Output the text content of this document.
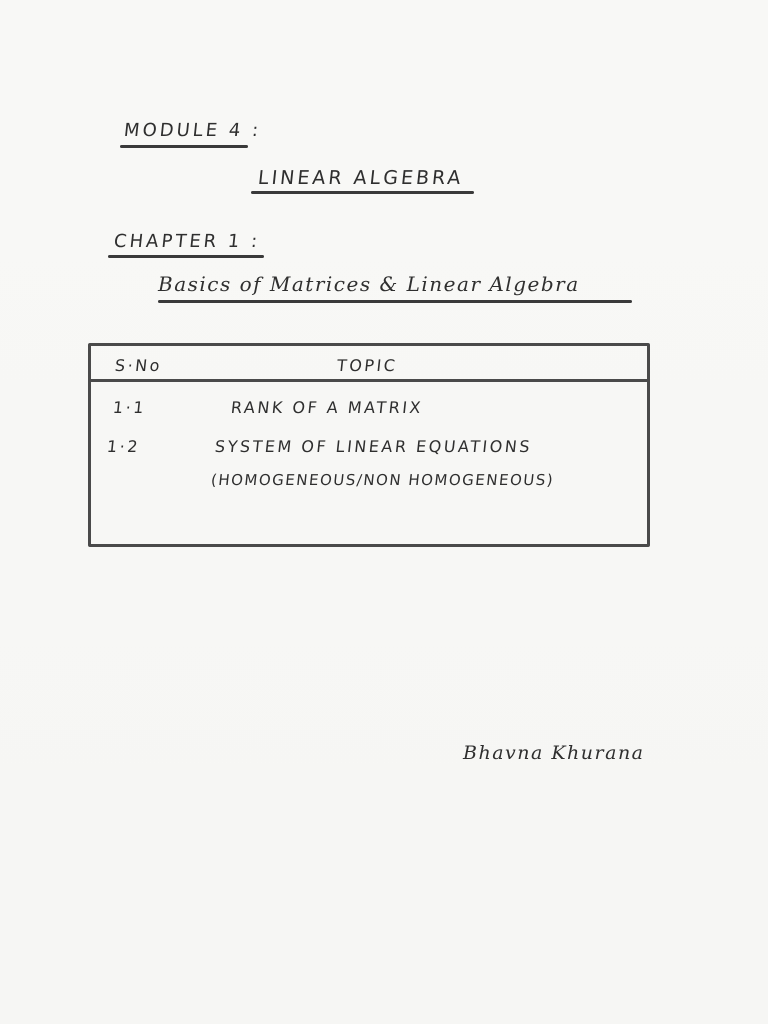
MODULE 4 :
LINEAR ALGEBRA
CHAPTER 1 :
Basics of Matrices & Linear Algebra
S·No	TOPIC
1·1	RANK OF A MATRIX
1·2	SYSTEM OF LINEAR EQUATIONS
(HOMOGENEOUS/NON HOMOGENEOUS)
Bhavna Khurana
